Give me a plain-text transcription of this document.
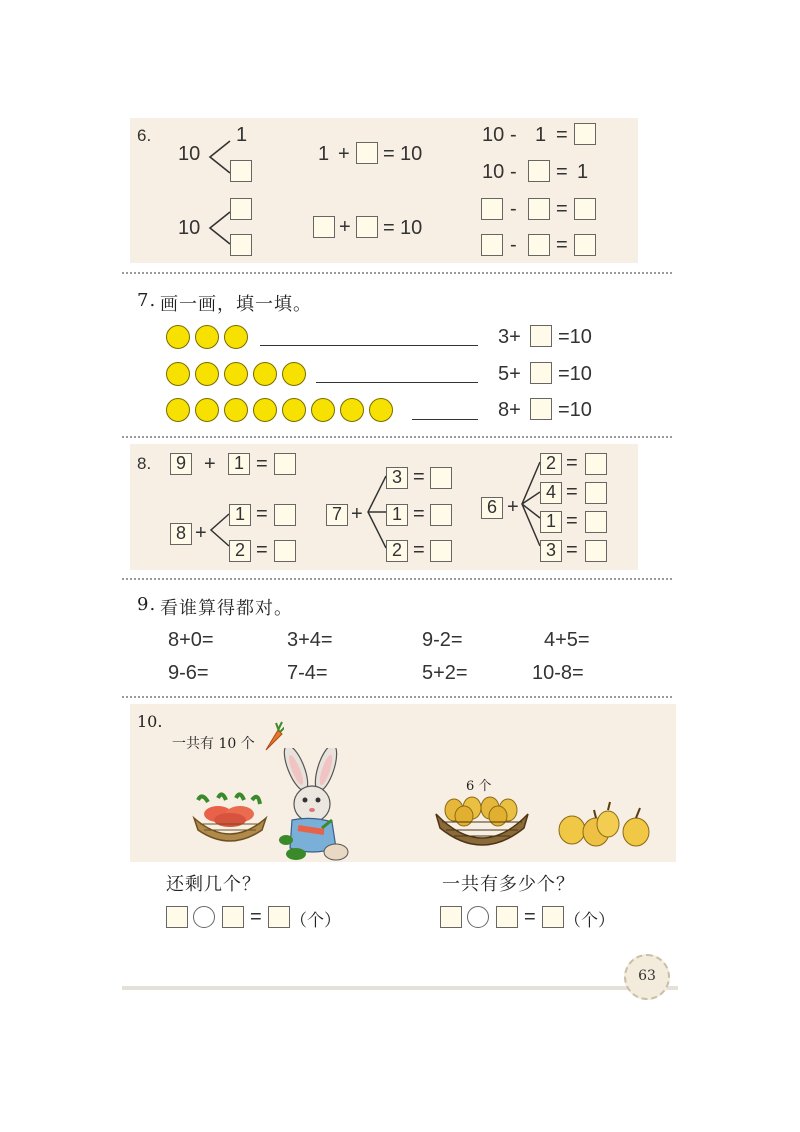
6.
10
1
10
1 + = 10
+ = 10
10 - 1 =
10 - = 1
- =
- =
7. 画一画，填一填。
3+ =10
5+ =10
8+ =10
8.	9 +	1 =
8 +
1 =
2 =
7 +
3 =
1 =
2 =
6 +
2 =
4 =
1 =
3 =
9. 看谁算得都对。
8+0=	3+4=	9-2=	4+5=
9-6=	7-4=	5+2=	10-8=
10.
一共有 10 个
6 个
还剩几个？	一共有多少个？
= （个）	= （个）
63
